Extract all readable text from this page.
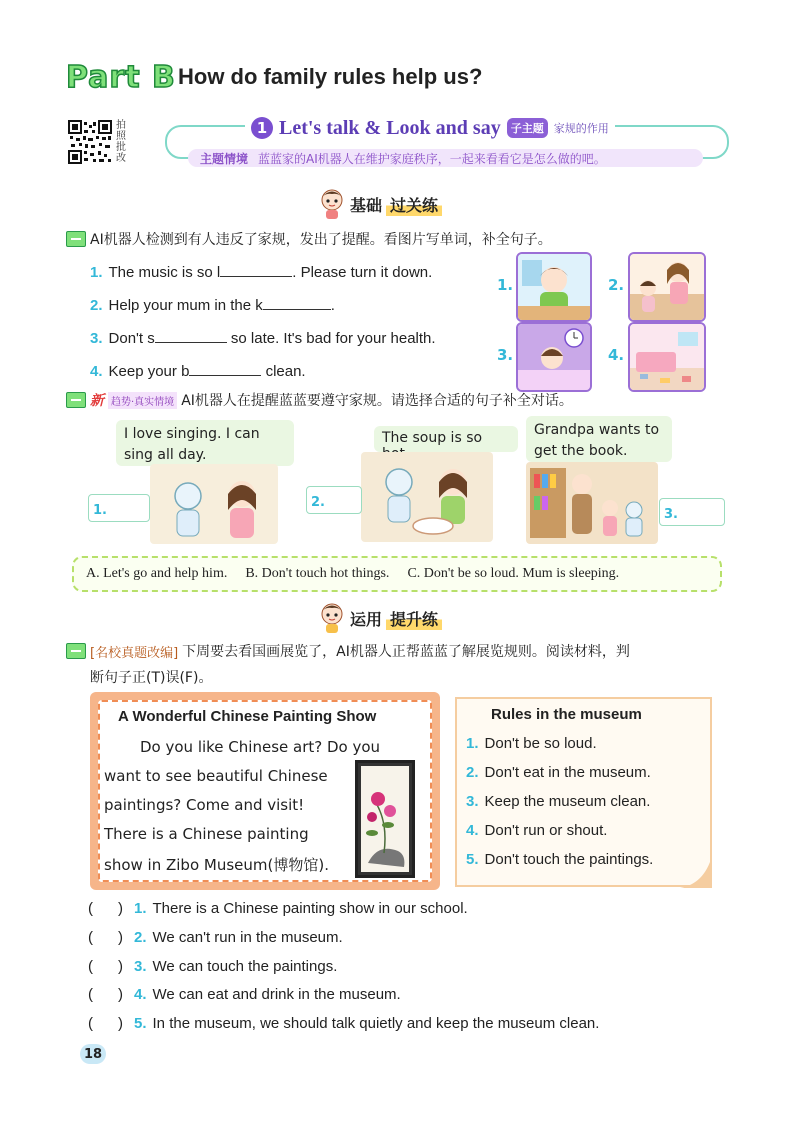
Part B How do family rules help us?
拍照批改
1 Let's talk & Look and say 子主题 家规的作用
主题情境 蓝蓝家的AI机器人在维护家庭秩序，一起来看看它是怎么做的吧。
基础 过关练
AI机器人检测到有人违反了家规，发出了提醒。看图片写单词，补全句子。
1. The music is so l	. Please turn it down.
2. Help your mum in the k	.
3. Don't s	so late. It's bad for your health.
4. Keep your b	clean.
1.	2.
3.	4.
新 趋势·真实情境 AI机器人在提醒蓝蓝要遵守家规。请选择合适的句子补全对话。
I love singing. I can sing all day.
1.
The soup is so
2.
Grandpa wants to get the book.
3.
A. Let's go and help him. B. Don't touch hot things. C. Don't be so loud. Mum is sleeping.
运用 提升练
[名校真题改编] 下周要去看国画展览了，AI机器人正帮蓝蓝了解展览规则。阅读材料，判
断句子正(T)误(F)。
A Wonderful Chinese Painting Show
Do you like Chinese art? Do you
want to see beautiful Chinese
paintings? Come and visit!
There is a Chinese painting
show in Zibo Museum(博物馆).
Rules in the museum
1. Don't be so loud.
2. Don't eat in the museum.
3. Keep the museum clean.
4. Don't run or shout.
5. Don't touch the paintings.
(      ) 1. There is a Chinese painting show in our school.
(      ) 2. We can't run in the museum.
(      ) 3. We can touch the paintings.
(      ) 4. We can eat and drink in the museum.
(      ) 5. In the museum, we should talk quietly and keep the museum clean.
18
